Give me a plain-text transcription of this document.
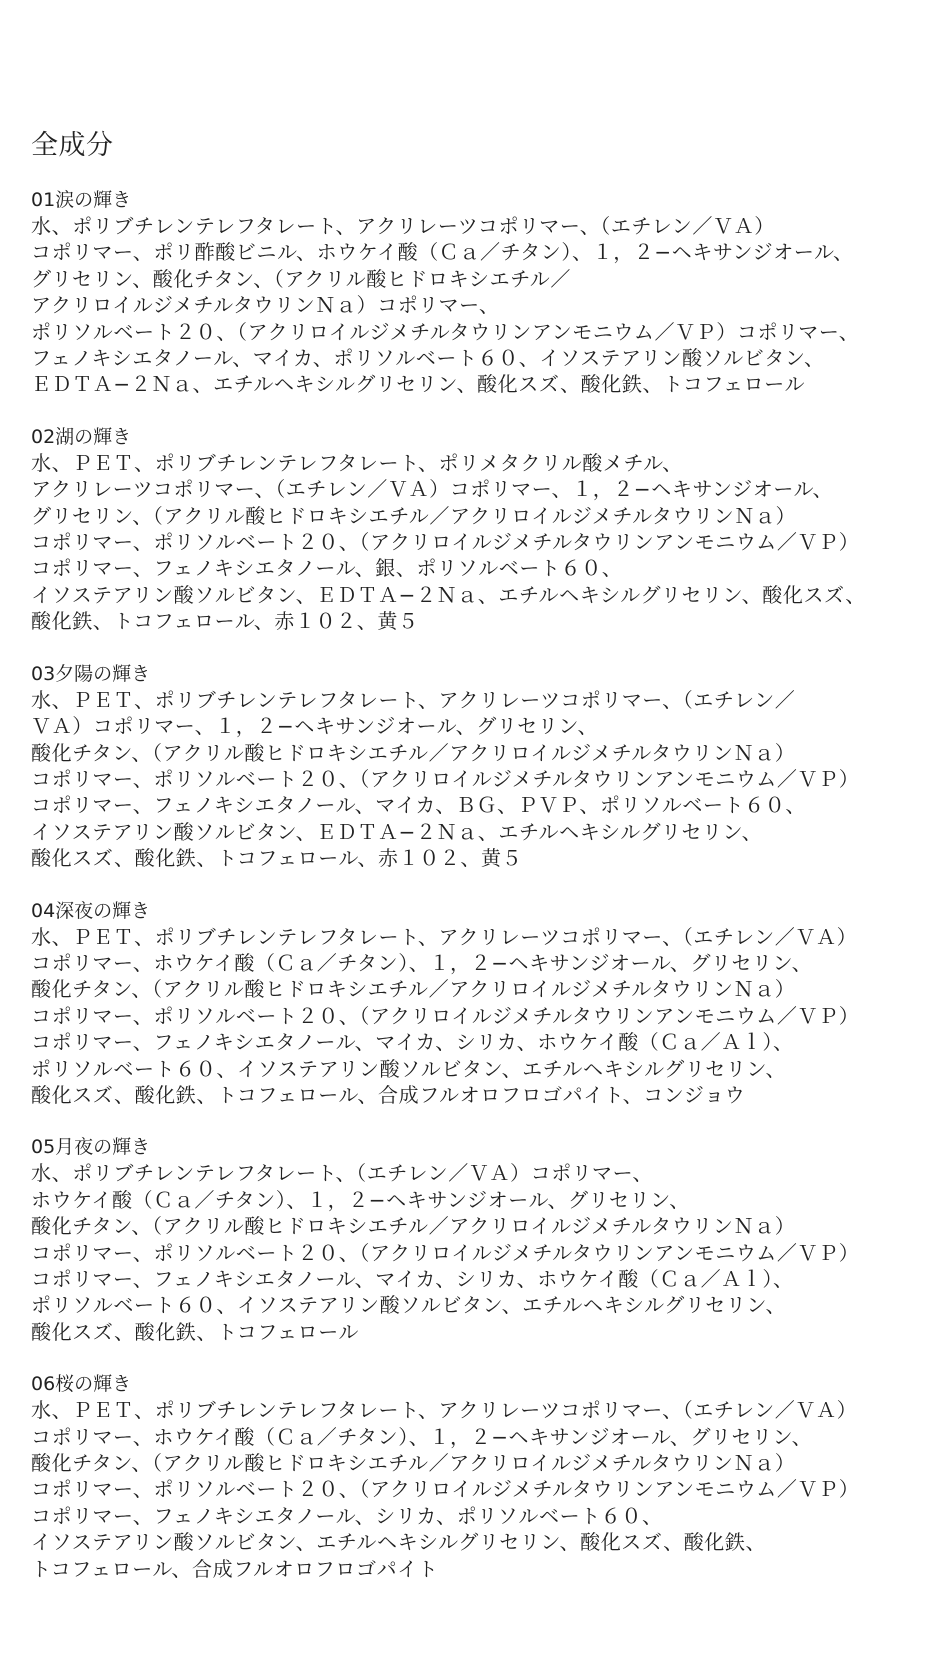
全成分
01涙の輝き
水、ポリブチレンテレフタレート、アクリレーツコポリマー、（エチレン／ＶＡ）
コポリマー、ポリ酢酸ビニル、ホウケイ酸（Ｃａ／チタン）、１，２−ヘキサンジオール、
グリセリン、酸化チタン、（アクリル酸ヒドロキシエチル／
アクリロイルジメチルタウリンＮａ）コポリマー、
ポリソルベート２０、（アクリロイルジメチルタウリンアンモニウム／ＶＰ）コポリマー、
フェノキシエタノール、マイカ、ポリソルベート６０、イソステアリン酸ソルビタン、
ＥＤＴＡ−２Ｎａ、エチルヘキシルグリセリン、酸化スズ、酸化鉄、トコフェロール
02湖の輝き
水、ＰＥＴ、ポリブチレンテレフタレート、ポリメタクリル酸メチル、
アクリレーツコポリマー、（エチレン／ＶＡ）コポリマー、１，２−ヘキサンジオール、
グリセリン、（アクリル酸ヒドロキシエチル／アクリロイルジメチルタウリンＮａ）
コポリマー、ポリソルベート２０、（アクリロイルジメチルタウリンアンモニウム／ＶＰ）
コポリマー、フェノキシエタノール、銀、ポリソルベート６０、
イソステアリン酸ソルビタン、ＥＤＴＡ−２Ｎａ、エチルヘキシルグリセリン、酸化スズ、
酸化鉄、トコフェロール、赤１０２、黄５
03夕陽の輝き
水、ＰＥＴ、ポリブチレンテレフタレート、アクリレーツコポリマー、（エチレン／
ＶＡ）コポリマー、１，２−ヘキサンジオール、グリセリン、
酸化チタン、（アクリル酸ヒドロキシエチル／アクリロイルジメチルタウリンＮａ）
コポリマー、ポリソルベート２０、（アクリロイルジメチルタウリンアンモニウム／ＶＰ）
コポリマー、フェノキシエタノール、マイカ、ＢＧ、ＰＶＰ、ポリソルベート６０、
イソステアリン酸ソルビタン、ＥＤＴＡ−２Ｎａ、エチルヘキシルグリセリン、
酸化スズ、酸化鉄、トコフェロール、赤１０２、黄５
04深夜の輝き
水、ＰＥＴ、ポリブチレンテレフタレート、アクリレーツコポリマー、（エチレン／ＶＡ）
コポリマー、ホウケイ酸（Ｃａ／チタン）、１，２−ヘキサンジオール、グリセリン、
酸化チタン、（アクリル酸ヒドロキシエチル／アクリロイルジメチルタウリンＮａ）
コポリマー、ポリソルベート２０、（アクリロイルジメチルタウリンアンモニウム／ＶＰ）
コポリマー、フェノキシエタノール、マイカ、シリカ、ホウケイ酸（Ｃａ／Ａｌ）、
ポリソルベート６０、イソステアリン酸ソルビタン、エチルヘキシルグリセリン、
酸化スズ、酸化鉄、トコフェロール、合成フルオロフロゴパイト、コンジョウ
05月夜の輝き
水、ポリブチレンテレフタレート、（エチレン／ＶＡ）コポリマー、
ホウケイ酸（Ｃａ／チタン）、１，２−ヘキサンジオール、グリセリン、
酸化チタン、（アクリル酸ヒドロキシエチル／アクリロイルジメチルタウリンＮａ）
コポリマー、ポリソルベート２０、（アクリロイルジメチルタウリンアンモニウム／ＶＰ）
コポリマー、フェノキシエタノール、マイカ、シリカ、ホウケイ酸（Ｃａ／Ａｌ）、
ポリソルベート６０、イソステアリン酸ソルビタン、エチルヘキシルグリセリン、
酸化スズ、酸化鉄、トコフェロール
06桜の輝き
水、ＰＥＴ、ポリブチレンテレフタレート、アクリレーツコポリマー、（エチレン／ＶＡ）
コポリマー、ホウケイ酸（Ｃａ／チタン）、１，２−ヘキサンジオール、グリセリン、
酸化チタン、（アクリル酸ヒドロキシエチル／アクリロイルジメチルタウリンＮａ）
コポリマー、ポリソルベート２０、（アクリロイルジメチルタウリンアンモニウム／ＶＰ）
コポリマー、フェノキシエタノール、シリカ、ポリソルベート６０、
イソステアリン酸ソルビタン、エチルヘキシルグリセリン、酸化スズ、酸化鉄、
トコフェロール、合成フルオロフロゴパイト
